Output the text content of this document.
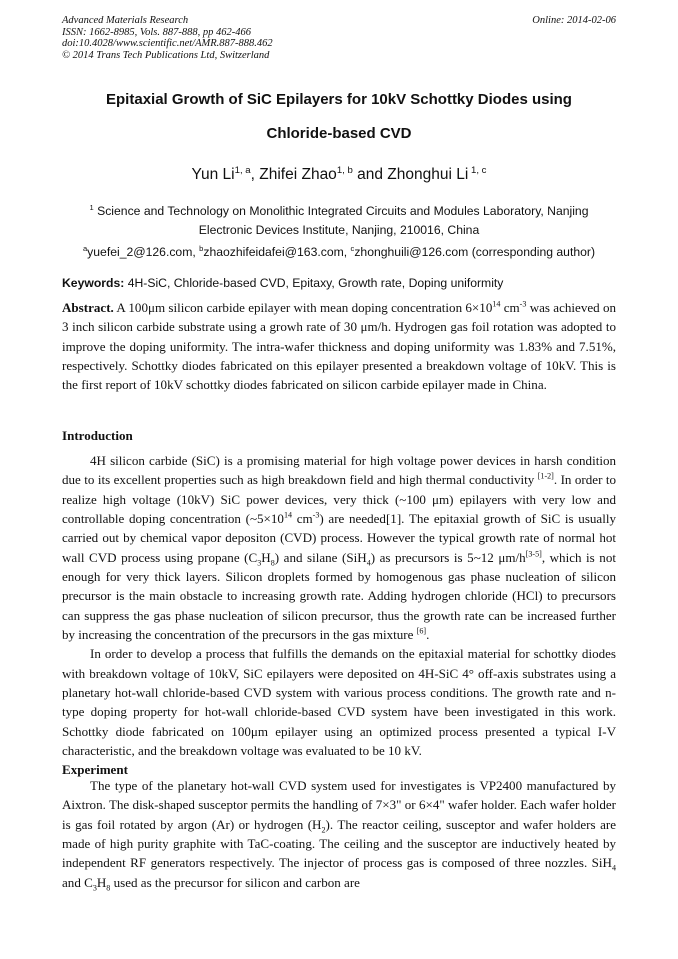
Advanced Materials Research
ISSN: 1662-8985, Vols. 887-888, pp 462-466
doi:10.4028/www.scientific.net/AMR.887-888.462
© 2014 Trans Tech Publications Ltd, Switzerland
Online: 2014-02-06
Epitaxial Growth of SiC Epilayers for 10kV Schottky Diodes using
Chloride-based CVD
Yun Li$^{1, a}$, Zhifei Zhao$^{1, b}$ and Zhonghui Li $^{1, c}$
$^1$ Science and Technology on Monolithic Integrated Circuits and Modules Laboratory, Nanjing Electronic Devices Institute, Nanjing, 210016, China
$^a$yuefei_2@126.com, $^b$zhaozhifeidafei@163.com, $^c$zhonghuili@126.com (corresponding author)
Keywords: 4H-SiC, Chloride-based CVD, Epitaxy, Growth rate, Doping uniformity
Abstract. A 100μm silicon carbide epilayer with mean doping concentration $6\times 10^{14}$ $cm^{-3}$ was achieved on 3 inch silicon carbide substrate using a growh rate of 30 μm/h. Hydrogen gas foil rotation was adopted to improve the doping uniformity. The intra-wafer thickness and doping uniformity was 1.83% and 7.51%, respectively. Schottky diodes fabricated on this epilayer presented a breakdown voltage of 10kV. This is the first report of 10kV schottky diodes fabricated on silicon carbide epilayer made in China.
Introduction

4H silicon carbide (SiC) is a promising material for high voltage power devices in harsh condition due to its excellent properties such as high breakdown field and high thermal conductivity [1-2]. In order to realize high voltage (10kV) SiC power devices, very thick (~100 μm) epilayers with very low and controllable doping concentration ($\sim 5\times 10^{14}$ $cm^{-3}$) are needed[1]. The epitaxial growth of SiC is usually carried out by chemical vapor depositon (CVD) process. However the typical growth rate of normal hot wall CVD process using propane $(C_3H_8)$ and silane (SiH$_4$) as precursors is 5~12 μm/h[3-5], which is not enough for very thick layers. Silicon droplets formed by homogenous gas phase nucleation of silicon precursor is the main obstacle to increasing growth rate. Adding hydrogen chloride (HCl) to precursors can suppress the gas phase nucleation of silicon precursor, thus the growth rate can be increased further by increasing the concentration of the precursors in the gas mixture [6].

In order to develop a process that fulfills the demands on the epitaxial material for schottky diodes with breakdown voltage of 10kV, SiC epilayers were deposited on 4H-SiC 4° off-axis substrates using a planetary hot-wall chloride-based CVD system with various process conditions. The growth rate and n-type doping property for hot-wall chloride-based CVD system have been investigated in this work. Schottky diode fabricated on 100μm epilayer using an optimized process presented a typical I-V characteristic, and the breakdown voltage was evaluated to be 10 kV.

Experiment

The type of the planetary hot-wall CVD system used for investigates is VP2400 manufactured by Aixtron. The disk-shaped susceptor permits the handling of 7×3" or 6×4" wafer holder. Each wafer holder is gas foil rotated by argon (Ar) or hydrogen $(H_2)$. The reactor ceiling, susceptor and wafer holders are made of high purity graphite with TaC-coating. The ceiling and the susceptor are inductively heated by independent RF generators respectively. The injector of process gas is composed of three nozzles. SiH$_4$ and $C_3H_8$ used as the precursor for silicon and carbon are
